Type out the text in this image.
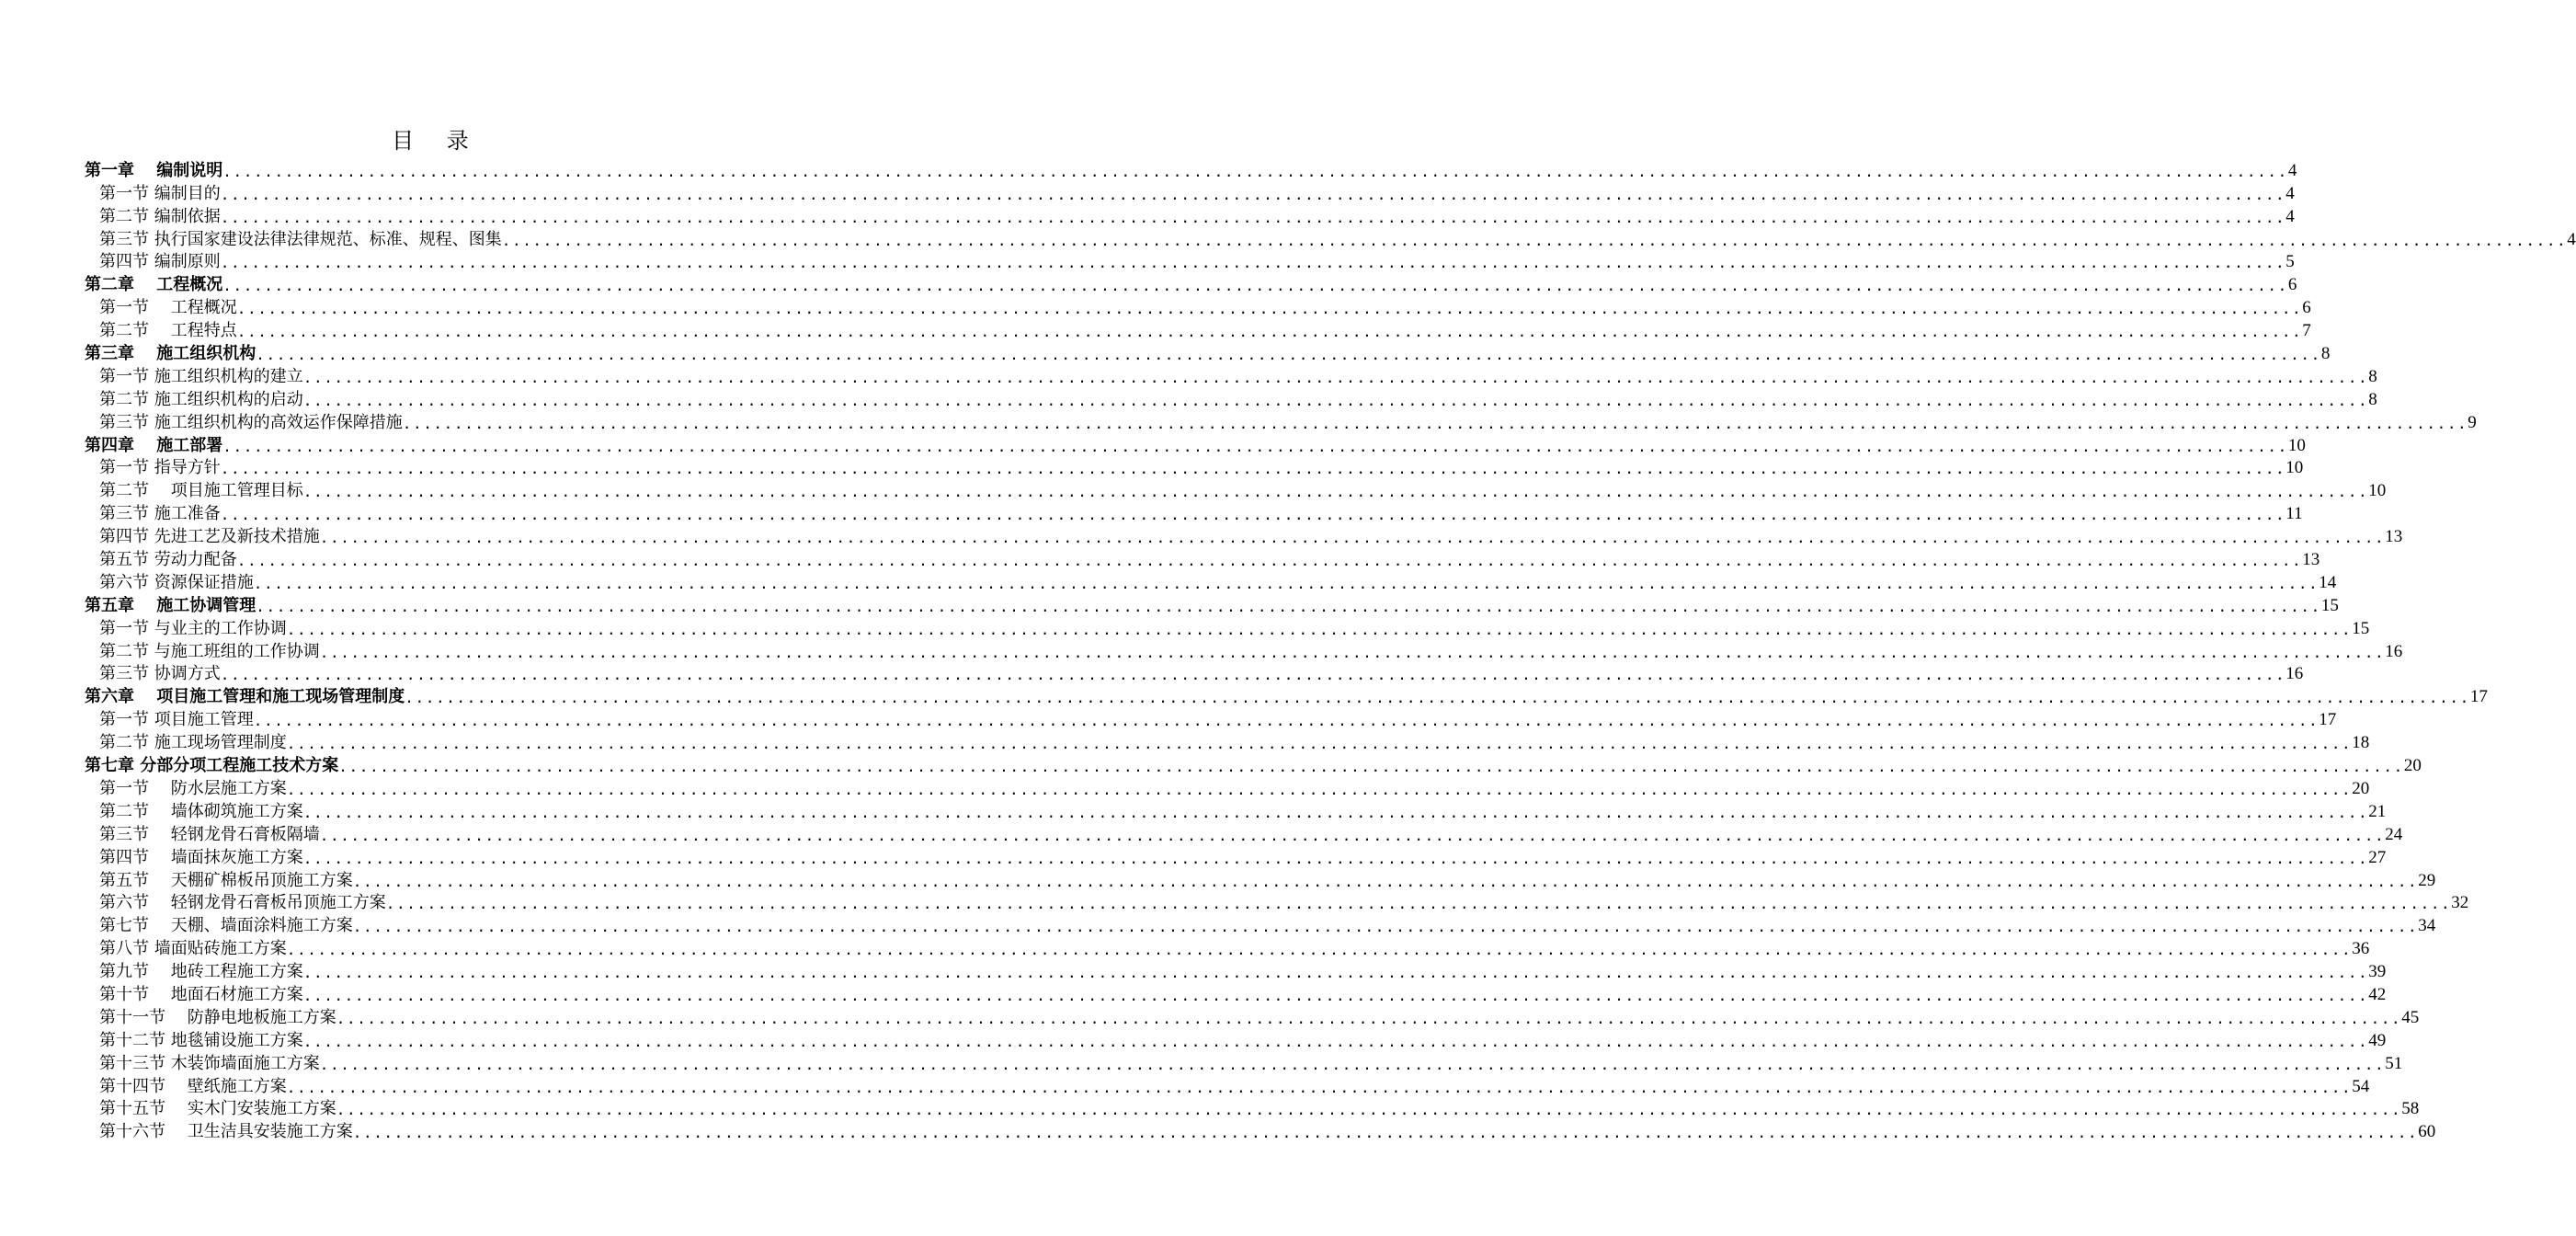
目 录
第一章　 编制说明 ........................................................................................................................................................................................................ 4
第一节 编制目的 ........................................................................................................................................................................................................ 4
第二节 编制依据 ........................................................................................................................................................................................................ 4
第三节 执行国家建设法律法律规范、标准、规程、图集 ........................................................................................................................................................................................................ 4
第四节 编制原则 ........................................................................................................................................................................................................ 5
第二章　 工程概况 ........................................................................................................................................................................................................ 6
第一节　 工程概况 ........................................................................................................................................................................................................ 6
第二节　 工程特点 ........................................................................................................................................................................................................ 7
第三章　 施工组织机构 ........................................................................................................................................................................................................ 8
第一节 施工组织机构的建立 ........................................................................................................................................................................................................ 8
第二节 施工组织机构的启动 ........................................................................................................................................................................................................ 8
第三节 施工组织机构的高效运作保障措施 ........................................................................................................................................................................................................ 9
第四章　 施工部署 ........................................................................................................................................................................................................ 10
第一节 指导方针 ........................................................................................................................................................................................................ 10
第二节　 项目施工管理目标 ........................................................................................................................................................................................................ 10
第三节 施工准备 ........................................................................................................................................................................................................ 11
第四节 先进工艺及新技术措施 ........................................................................................................................................................................................................ 13
第五节 劳动力配备 ........................................................................................................................................................................................................ 13
第六节 资源保证措施 ........................................................................................................................................................................................................ 14
第五章　 施工协调管理 ........................................................................................................................................................................................................ 15
第一节 与业主的工作协调 ........................................................................................................................................................................................................ 15
第二节 与施工班组的工作协调 ........................................................................................................................................................................................................ 16
第三节 协调方式 ........................................................................................................................................................................................................ 16
第六章　 项目施工管理和施工现场管理制度 ........................................................................................................................................................................................................ 17
第一节 项目施工管理 ........................................................................................................................................................................................................ 17
第二节 施工现场管理制度 ........................................................................................................................................................................................................ 18
第七章 分部分项工程施工技术方案 ........................................................................................................................................................................................................ 20
第一节　 防水层施工方案 ........................................................................................................................................................................................................ 20
第二节　 墙体砌筑施工方案 ........................................................................................................................................................................................................ 21
第三节　 轻钢龙骨石膏板隔墙 ........................................................................................................................................................................................................ 24
第四节　 墙面抹灰施工方案 ........................................................................................................................................................................................................ 27
第五节　 天棚矿棉板吊顶施工方案 ........................................................................................................................................................................................................ 29
第六节　 轻钢龙骨石膏板吊顶施工方案 ........................................................................................................................................................................................................ 32
第七节　 天棚、墙面涂料施工方案 ........................................................................................................................................................................................................ 34
第八节 墙面贴砖施工方案 ........................................................................................................................................................................................................ 36
第九节　 地砖工程施工方案 ........................................................................................................................................................................................................ 39
第十节　 地面石材施工方案 ........................................................................................................................................................................................................ 42
第十一节　 防静电地板施工方案 ........................................................................................................................................................................................................ 45
第十二节 地毯铺设施工方案 ........................................................................................................................................................................................................ 49
第十三节 木装饰墙面施工方案 ........................................................................................................................................................................................................ 51
第十四节　 壁纸施工方案 ........................................................................................................................................................................................................ 54
第十五节　 实木门安装施工方案 ........................................................................................................................................................................................................ 58
第十六节　 卫生洁具安装施工方案 ........................................................................................................................................................................................................ 60
